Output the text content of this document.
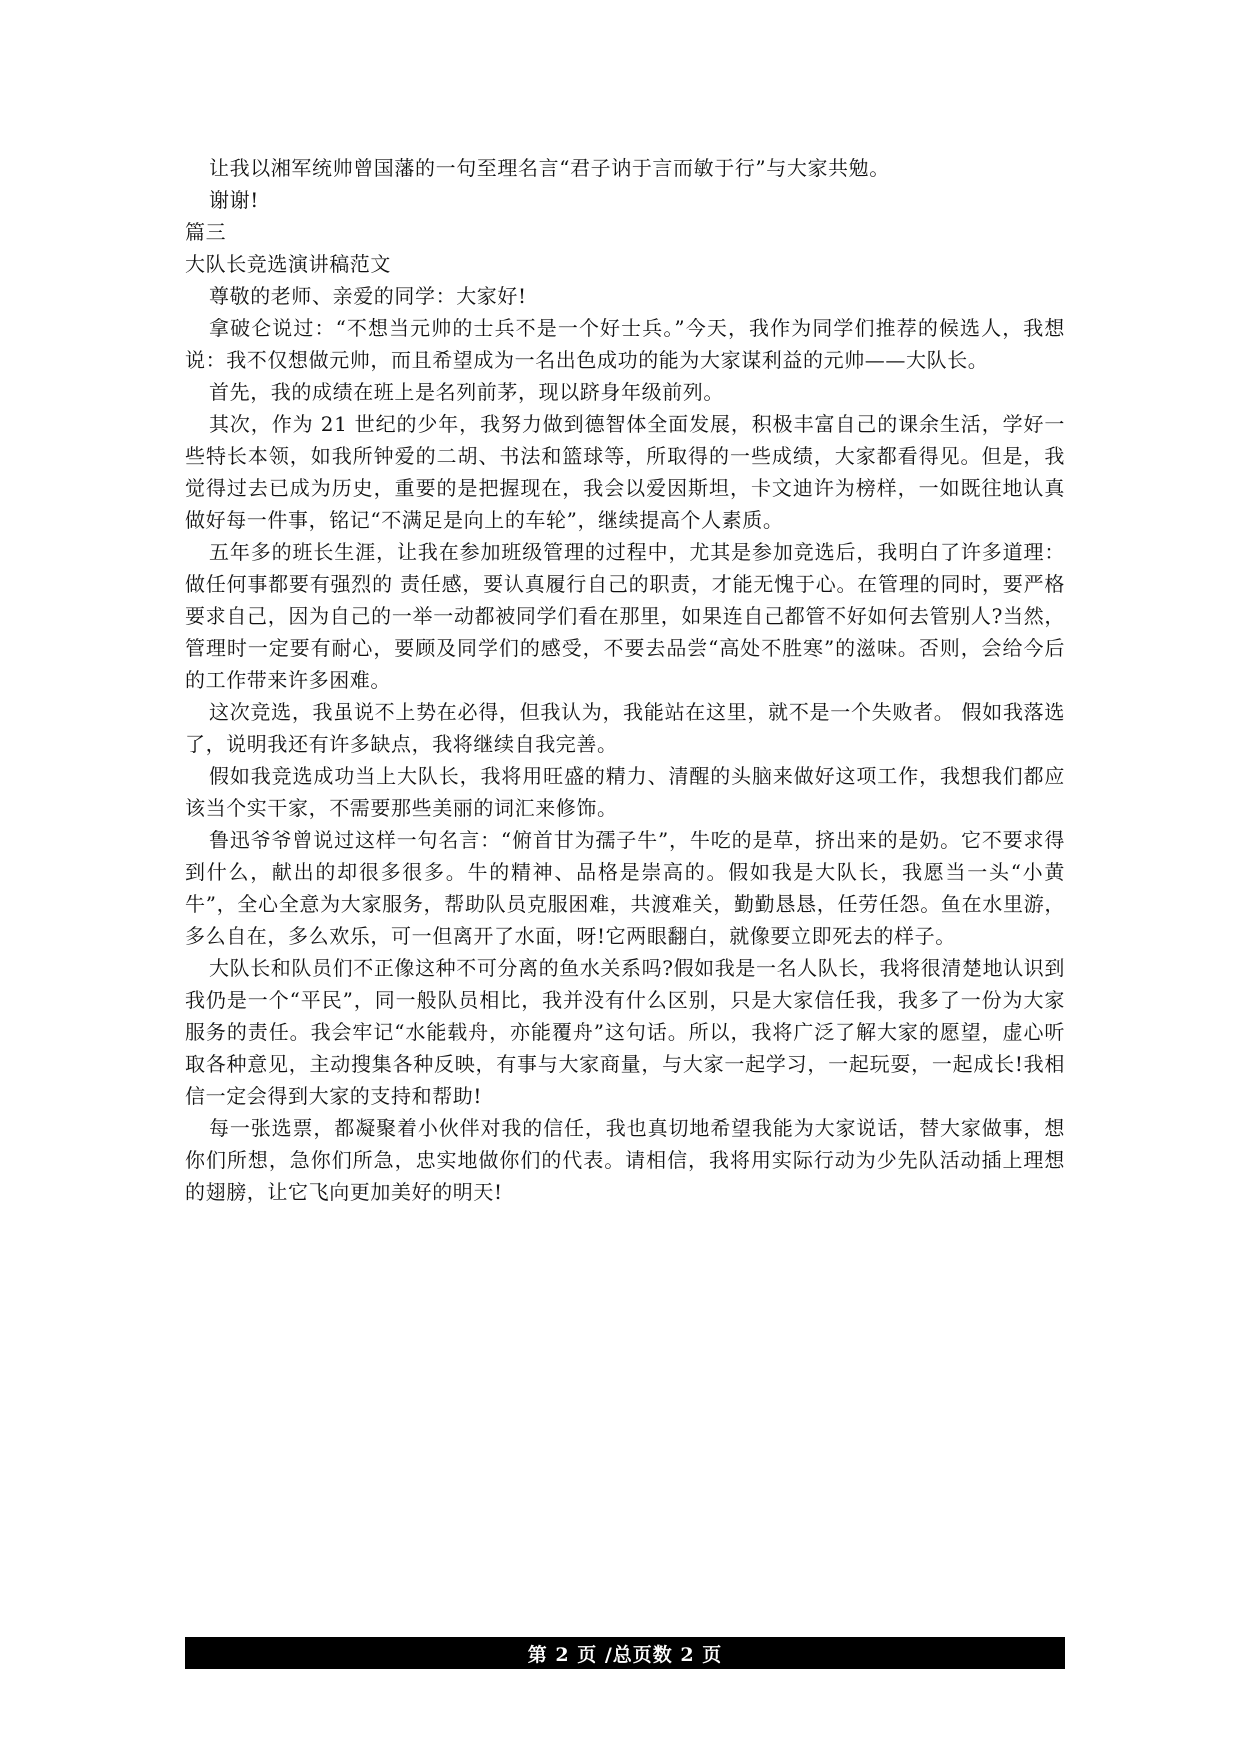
让我以湘军统帅曾国藩的一句至理名言“君子讷于言而敏于行”与大家共勉。

谢谢!

篇三

大队长竞选演讲稿范文

尊敬的老师、亲爱的同学：大家好!

拿破仑说过：“不想当元帅的士兵不是一个好士兵。”今天，我作为同学们推荐的候选人，我想说：我不仅想做元帅，而且希望成为一名出色成功的能为大家谋利益的元帅——大队长。

首先，我的成绩在班上是名列前茅，现以跻身年级前列。

其次，作为 21 世纪的少年，我努力做到德智体全面发展，积极丰富自己的课余生活，学好一些特长本领，如我所钟爱的二胡、书法和篮球等，所取得的一些成绩，大家都看得见。但是，我觉得过去已成为历史，重要的是把握现在，我会以爱因斯坦，卡文迪许为榜样，一如既往地认真做好每一件事，铭记“不满足是向上的车轮”，继续提高个人素质。

五年多的班长生涯，让我在参加班级管理的过程中，尤其是参加竞选后，我明白了许多道理：做任何事都要有强烈的 责任感，要认真履行自己的职责，才能无愧于心。在管理的同时，要严格要求自己，因为自己的一举一动都被同学们看在那里，如果连自己都管不好如何去管别人?当然，管理时一定要有耐心，要顾及同学们的感受，不要去品尝“高处不胜寒”的滋味。否则，会给今后 的工作带来许多困难。

这次竞选，我虽说不上势在必得，但我认为，我能站在这里，就不是一个失败者。 假如我落选了，说明我还有许多缺点，我将继续自我完善。

假如我竞选成功当上大队长，我将用旺盛的精力、清醒的头脑来做好这项工作，我想我们都应该当个实干家，不需要那些美丽的词汇来修饰。

鲁迅爷爷曾说过这样一句名言：“俯首甘为孺子牛”，牛吃的是草，挤出来的是奶。它不要求得到什么，献出的却很多很多。牛的精神、品格是崇高的。假如我是大队长，我愿当一头“小黄牛”，全心全意为大家服务，帮助队员克服困难，共渡难关，勤勤恳恳，任劳任怨。鱼在水里游，多么自在，多么欢乐，可一但离开了水面，呀!它两眼翻白，就像要立即死去的样子。

大队长和队员们不正像这种不可分离的鱼水关系吗?假如我是一名人队长，我将很清楚地认识到我仍是一个“平民”，同一般队员相比，我并没有什么区别，只是大家信任我，我多了一份为大家服务的责任。我会牢记“水能载舟，亦能覆舟”这句话。所以，我将广泛了解大家的愿望，虚心听取各种意见，主动搜集各种反映，有事与大家商量，与大家一起学习，一起玩耍，一起成长!我相信一定会得到大家的支持和帮助!

每一张选票，都凝聚着小伙伴对我的信任，我也真切地希望我能为大家说话，替大家做事，想你们所想，急你们所急，忠实地做你们的代表。请相信，我将用实际行动为少先队活动插上理想的翅膀，让它飞向更加美好的明天!

第 2 页 /总页数 2 页
